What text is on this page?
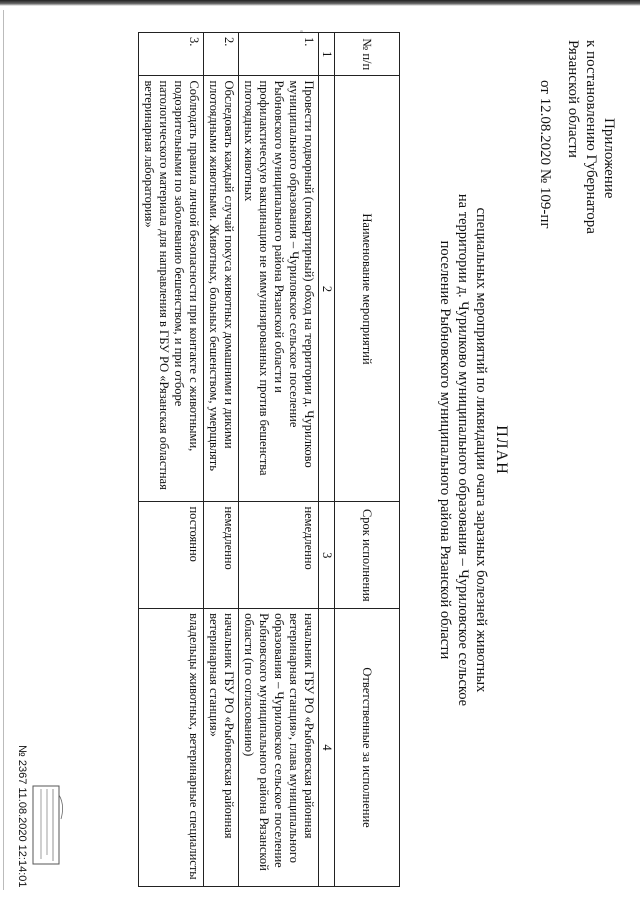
Приложение
к постановлению Губернатора
Рязанской области
от 12.08.2020 № 109-пг
ПЛАН
специальных мероприятий по ликвидации очага заразных болезней животных
на территории д. Чурилково муниципального образования – Чуриловское сельское
поселение Рыбновского муниципального района Рязанской области
№ п/п	Наименование мероприятий	Срок исполнения	Ответственные за исполнение
1	2	3	4
1.	Провести подворный (поквартирный) обход на территории д. Чурилково муниципального образования – Чуриловское сельское поселение Рыбновского муниципального района Рязанской области и профилактическую вакцинацию не иммунизированных против бешенства плотоядных животных	немедленно	начальник ГБУ РО «Рыбновская районная ветеринарная станция», глава муниципального образования – Чуриловское сельское поселение Рыбновского муниципального района Рязанской области (по согласованию)
2.	Обследовать каждый случай покуса животных домашними и дикими плотоядными животными. Животных, больных бешенством, умерщвлять	немедленно	начальник ГБУ РО «Рыбновская районная ветеринарная станция»
3.	Соблюдать правила личной безопасности при контакте с животными, подозрительными по заболеванию бешенством, и при отборе патологического материала для направления в ГБУ РО «Рязанская областная ветеринарная лаборатория»	постоянно	владельцы животных, ветеринарные специалисты
№ 2367 11.08.2020 12:14:01
